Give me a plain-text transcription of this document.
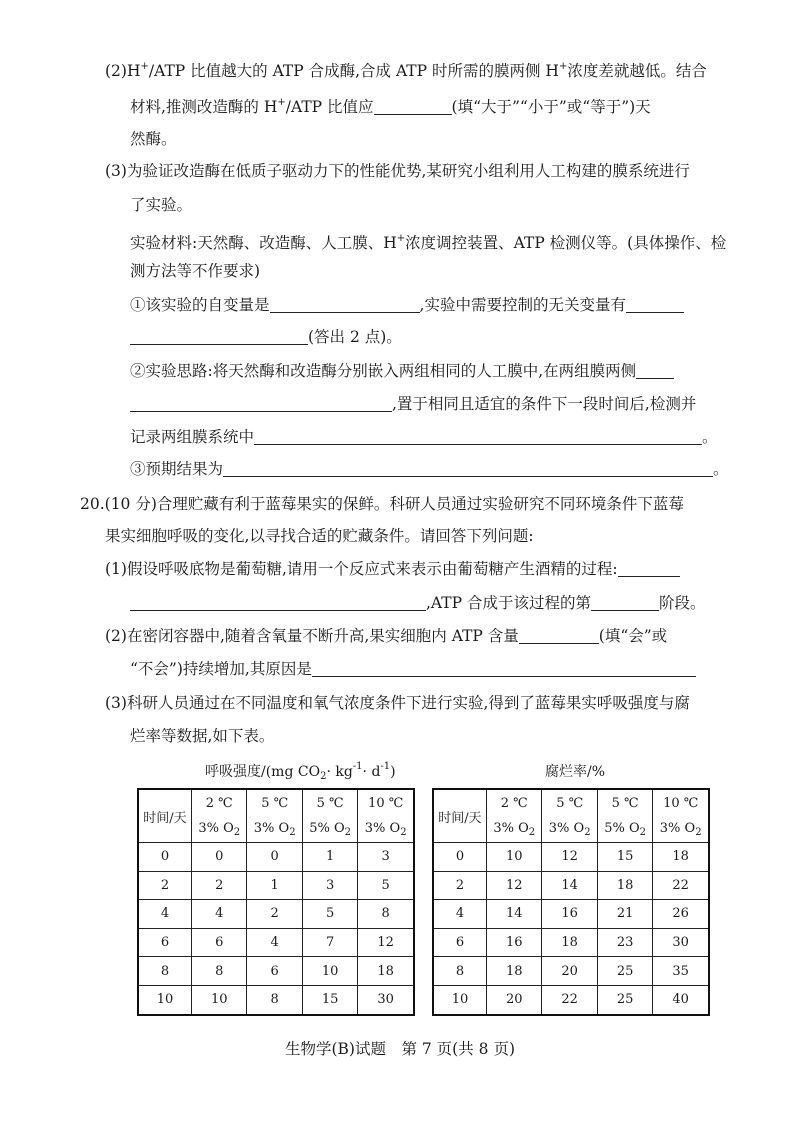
(2)H+/ATP 比值越大的 ATP 合成酶,合成 ATP 时所需的膜两侧 H+浓度差就越低。结合
材料,推测改造酶的 H+/ATP 比值应	(填“大于”“小于”或“等于”)天
然酶。
(3)为验证改造酶在低质子驱动力下的性能优势,某研究小组利用人工构建的膜系统进行
了实验。
实验材料:天然酶、改造酶、人工膜、H+浓度调控装置、ATP 检测仪等。(具体操作、检
测方法等不作要求)
①该实验的自变量是	,实验中需要控制的无关变量有
(答出 2 点)。
②实验思路:将天然酶和改造酶分别嵌入两组相同的人工膜中,在两组膜两侧
,置于相同且适宜的条件下一段时间后,检测并
记录两组膜系统中	。
③预期结果为	。
20.(10 分)合理贮藏有利于蓝莓果实的保鲜。科研人员通过实验研究不同环境条件下蓝莓
果实细胞呼吸的变化,以寻找合适的贮藏条件。请回答下列问题:
(1)假设呼吸底物是葡萄糖,请用一个反应式来表示由葡萄糖产生酒精的过程:
,ATP 合成于该过程的第	阶段。
(2)在密闭容器中,随着含氧量不断升高,果实细胞内 ATP 含量	(填“会”或
“不会”)持续增加,其原因是
(3)科研人员通过在不同温度和氧气浓度条件下进行实验,得到了蓝莓果实呼吸强度与腐
烂率等数据,如下表。
呼吸强度/(mg $CO_2\cdot kg^{-1}\cdot d^{-1}$)	腐烂率/%
时间/天	2 ℃	5 ℃	5 ℃	10 ℃
	3% $O_2$	3% $O_2$	5% $O_2$	3% $O_2$
0	0	0	1	3
2	2	1	3	5
4	4	2	5	8
6	6	4	7	12
8	8	6	10	18
10	10	8	15	30
时间/天	2 ℃	5 ℃	5 ℃	10 ℃
	3% $O_2$	3% $O_2$	5% $O_2$	3% $O_2$
0	10	12	15	18
2	12	14	18	22
4	14	16	21	26
6	16	18	23	30
8	18	20	25	35
10	20	22	25	40
生物学(B)试题　第 7 页(共 8 页)
